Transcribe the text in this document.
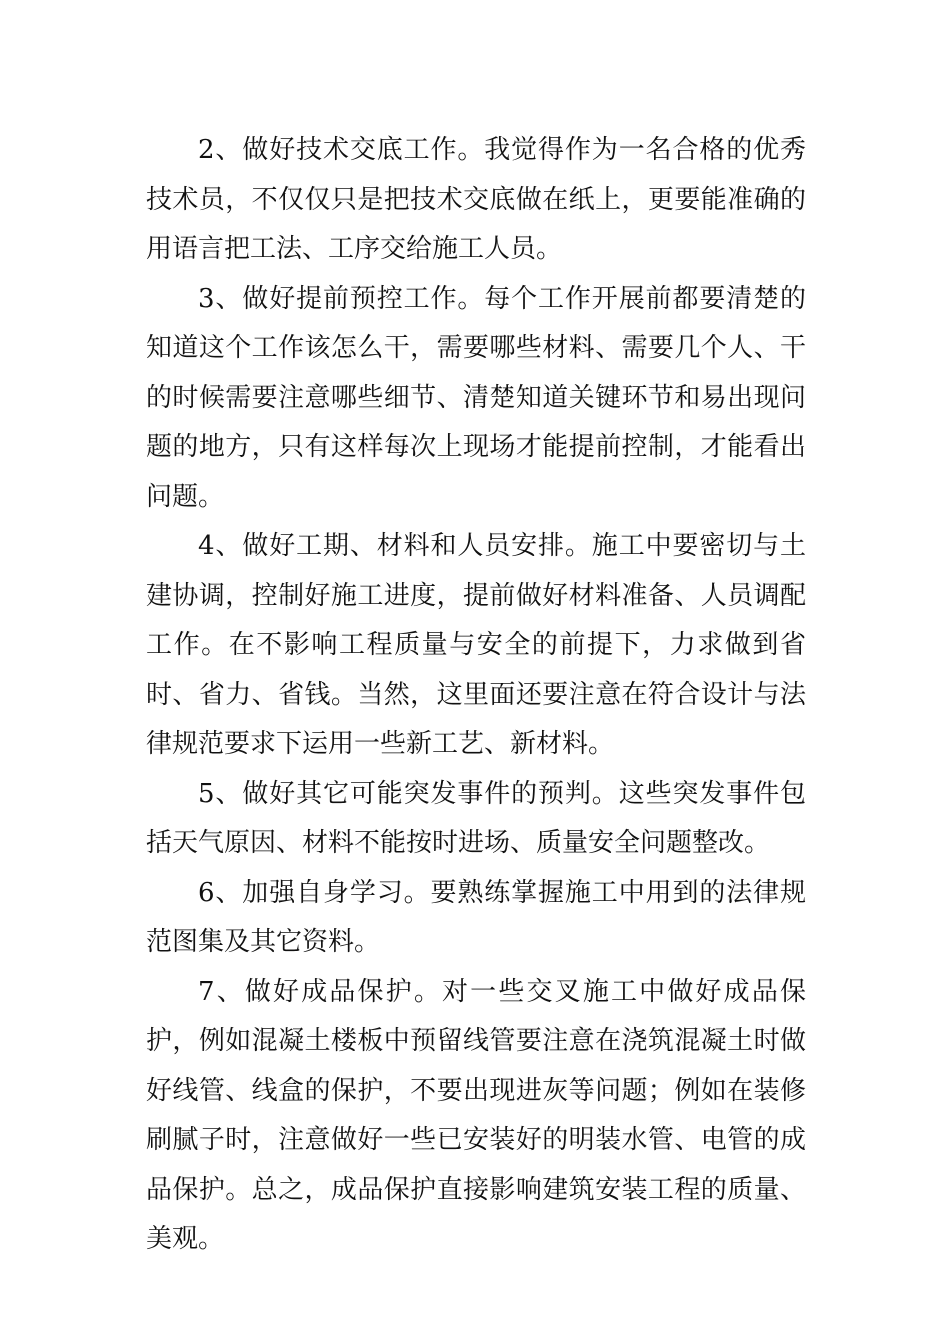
2、做好技术交底工作。我觉得作为一名合格的优秀技术员，不仅仅只是把技术交底做在纸上，更要能准确的用语言把工法、工序交给施工人员。

3、做好提前预控工作。每个工作开展前都要清楚的知道这个工作该怎么干，需要哪些材料、需要几个人、干的时候需要注意哪些细节、清楚知道关键环节和易出现问题的地方，只有这样每次上现场才能提前控制，才能看出问题。

4、做好工期、材料和人员安排。施工中要密切与土建协调，控制好施工进度，提前做好材料准备、人员调配工作。在不影响工程质量与安全的前提下，力求做到省时、省力、省钱。当然，这里面还要注意在符合设计与法律规范要求下运用一些新工艺、新材料。

5、做好其它可能突发事件的预判。这些突发事件包括天气原因、材料不能按时进场、质量安全问题整改。

6、加强自身学习。要熟练掌握施工中用到的法律规范图集及其它资料。

7、做好成品保护。对一些交叉施工中做好成品保护，例如混凝土楼板中预留线管要注意在浇筑混凝土时做好线管、线盒的保护，不要出现进灰等问题；例如在装修刷腻子时，注意做好一些已安装好的明装水管、电管的成品保护。总之，成品保护直接影响建筑安装工程的质量、美观。
